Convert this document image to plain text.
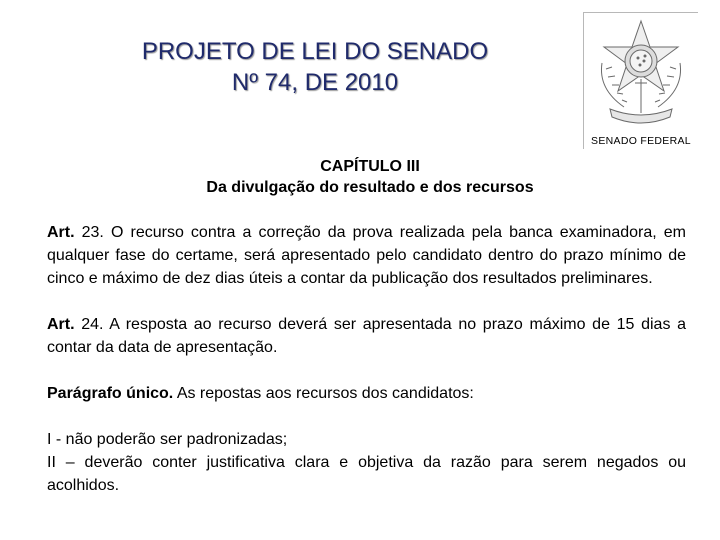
PROJETO DE LEI DO SENADO
Nº 74, DE 2010
SENADO FEDERAL
CAPÍTULO III
Da divulgação do resultado e dos recursos

Art. 23. O recurso contra a correção da prova realizada pela banca examinadora, em qualquer fase do certame, será apresentado pelo candidato dentro do prazo mínimo de cinco e máximo de dez dias úteis a contar da publicação dos resultados preliminares.

Art. 24. A resposta ao recurso deverá ser apresentada no prazo máximo de 15 dias a contar da data de apresentação.

Parágrafo único. As repostas aos recursos dos candidatos:

I - não poderão ser padronizadas;
II – deverão conter justificativa clara e objetiva da razão para serem negados ou acolhidos.
